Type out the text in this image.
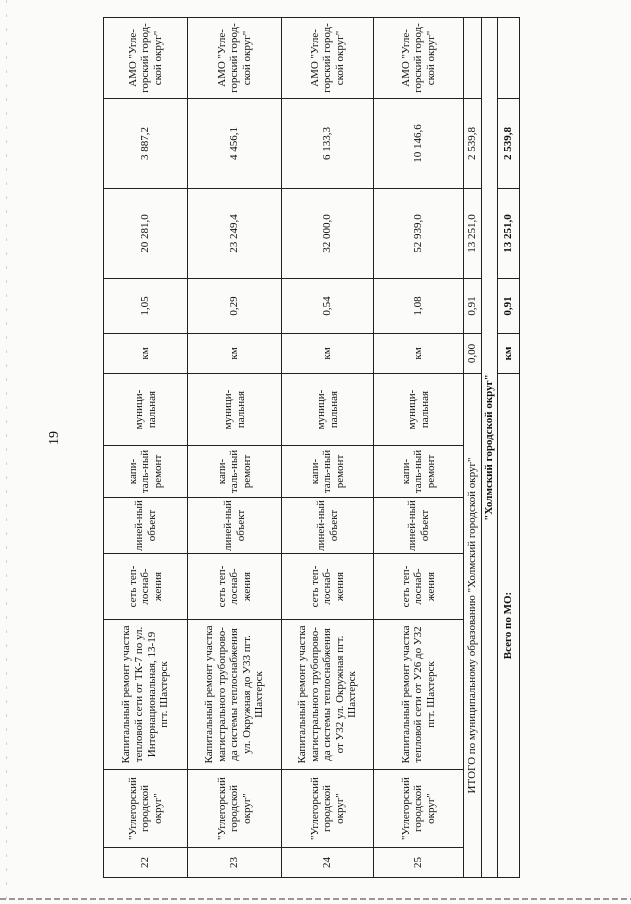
19
22	"Углегорский городской округ"	Капитальный ремонт участка тепловой сети от ТК-7 по ул. Интернациональная, 13-19 пгт. Шахтерск	сеть теп-лоснаб-жения	линей-ный объект	капи-таль-ный ремонт	муници-пальная	км	1,05	20 281,0	3 887,2	АМО "Угле-горский город-ской округ"
23	"Углегорский городской округ"	Капитальный ремонт участка магистрального трубопрово-да системы теплоснабжения ул. Окружная до У33 пгт. Шахтерск	сеть теп-лоснаб-жения	линей-ный объект	капи-таль-ный ремонт	муници-пальная	км	0,29	23 249,4	4 456,1	АМО "Угле-горский город-ской округ"
24	"Углегорский городской округ"	Капитальный ремонт участка магистрального трубопрово-да системы теплоснабжения от У32 ул. Окружная пгт. Шахтерск	сеть теп-лоснаб-жения	линей-ный объект	капи-таль-ный ремонт	муници-пальная	км	0,54	32 000,0	6 133,3	АМО "Угле-горский город-ской округ"
25	"Углегорский городской округ"	Капитальный ремонт участка тепловой сети от У26 до У32 пгт. Шахтерск	сеть теп-лоснаб-жения	линей-ный объект	капи-таль-ный ремонт	муници-пальная	км	1,08	52 939,0	10 146,6	АМО "Угле-горский город-ской округ"
ИТОГО по муниципальному образованию "Холмский городской округ"							0,00	0,91	13 251,0	2 539,8	
"Холмский городской округ"											
Всего по МО:							км	0,91	13 251,0	2 539,8	
